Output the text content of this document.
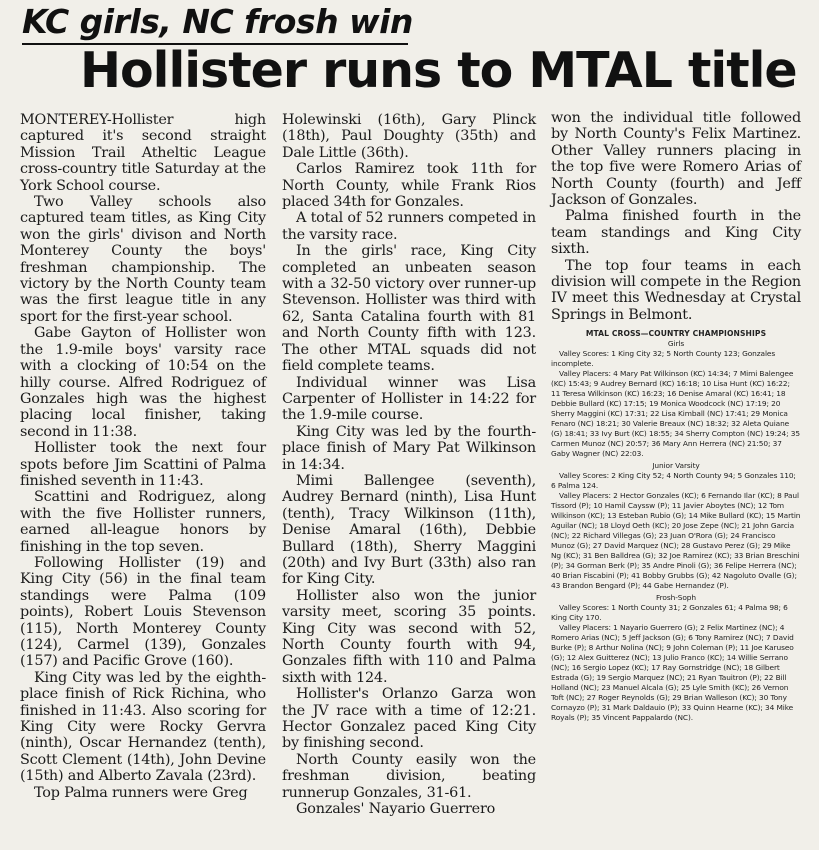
KC girls, NC frosh win
Hollister runs to MTAL title

MONTEREY-Hollister high captured it's second straight Mission Trail Atheltic League cross-country title Saturday at the York School course.

Two Valley schools also captured team titles, as King City won the girls' divison and North Monterey County the boys' freshman championship. The victory by the North County team was the first league title in any sport for the first-year school.

Gabe Gayton of Hollister won the 1.9-mile boys' varsity race with a clocking of 10:54 on the hilly course. Alfred Rodriguez of Gonzales high was the highest placing local finisher, taking second in 11:38.

Hollister took the next four spots before Jim Scattini of Palma finished seventh in 11:43.

Scattini and Rodriguez, along with the five Hollister runners, earned all-league honors by finishing in the top seven.

Following Hollister (19) and King City (56) in the final team standings were Palma (109 points), Robert Louis Stevenson (115), North Monterey County (124), Carmel (139), Gonzales (157) and Pacific Grove (160).

King City was led by the eighth-place finish of Rick Richina, who finished in 11:43. Also scoring for King City were Rocky Gervra (ninth), Oscar Hernandez (tenth), Scott Clement (14th), John Devine (15th) and Alberto Zavala (23rd).

Top Palma runners were Greg

Holewinski (16th), Gary Plinck (18th), Paul Doughty (35th) and Dale Little (36th).

Carlos Ramirez took 11th for North County, while Frank Rios placed 34th for Gonzales.

A total of 52 runners competed in the varsity race.

In the girls' race, King City completed an unbeaten season with a 32-50 victory over runner-up Stevenson. Hollister was third with 62, Santa Catalina fourth with 81 and North County fifth with 123. The other MTAL squads did not field complete teams.

Individual winner was Lisa Carpenter of Hollister in 14:22 for the 1.9-mile course.

King City was led by the fourth-place finish of Mary Pat Wilkinson in 14:34.

Mimi Ballengee (seventh), Audrey Bernard (ninth), Lisa Hunt (tenth), Tracy Wilkinson (11th), Denise Amaral (16th), Debbie Bullard (18th), Sherry Maggini (20th) and Ivy Burt (33th) also ran for King City.

Hollister also won the junior varsity meet, scoring 35 points. King City was second with 52, North County fourth with 94, Gonzales fifth with 110 and Palma sixth with 124.

Hollister's Orlanzo Garza won the JV race with a time of 12:21. Hector Gonzalez paced King City by finishing second.

North County easily won the freshman division, beating runnerup Gonzales, 31-61.

Gonzales' Nayario Guerrero

won the individual title followed by North County's Felix Martinez. Other Valley runners placing in the top five were Romero Arias of North County (fourth) and Jeff Jackson of Gonzales.

Palma finished fourth in the team standings and King City sixth.

The top four teams in each division will compete in the Region IV meet this Wednesday at Crystal Springs in Belmont.

MTAL CROSS—COUNTRY CHAMPIONSHIPS
Girls
Valley Scores: 1 King City 32; 5 North County 123; Gonzales incomplete.
Valley Placers: 4 Mary Pat Wilkinson (KC) 14:34; 7 Mimi Balengee (KC) 15:43; 9 Audrey Bernard (KC) 16:18; 10 Lisa Hunt (KC) 16:22; 11 Teresa Wilkinson (KC) 16:23; 16 Denise Amaral (KC) 16:41; 18 Debbie Bullard (KC) 17:15; 19 Monica Woodcock (NC) 17:19; 20 Sherry Maggini (KC) 17:31; 22 Lisa Kimball (NC) 17:41; 29 Monica Fenaro (NC) 18:21; 30 Valerie Breaux (NC) 18:32; 32 Aleta Quiane (G) 18:41; 33 Ivy Burt (KC) 18:55; 34 Sherry Compton (NC) 19:24; 35 Carmen Munoz (NC) 20:57; 36 Mary Ann Herrera (NC) 21:50; 37 Gaby Wagner (NC) 22:03.
Junior Varsity
Valley Scores: 2 King City 52; 4 North County 94; 5 Gonzales 110; 6 Palma 124.
Valley Placers: 2 Hector Gonzales (KC); 6 Fernando Ilar (KC); 8 Paul Tissord (P); 10 Hamil Cayssw (P); 11 Javier Aboytes (NC); 12 Tom Wilkinson (KC); 13 Esteban Rubio (G); 14 Mike Bullard (KC); 15 Martin Aguilar (NC); 18 Lloyd Oeth (KC); 20 Jose Zepe (NC); 21 John Garcia (NC); 22 Richard Villegas (G); 23 Juan O'Rora (G); 24 Francisco Munoz (G); 27 David Marquez (NC); 28 Gustavo Perez (G); 29 Mike Ng (KC); 31 Ben Balldrea (G); 32 Joe Ramirez (KC); 33 Brian Breschini (P); 34 Gorman Berk (P); 35 Andre Pinoli (G); 36 Felipe Herrera (NC); 40 Brian Fiscabini (P); 41 Bobby Grubbs (G); 42 Nagoluto Ovalle (G); 43 Brandon Bengard (P); 44 Gabe Hernandez (P).
Frosh-Soph
Valley Scores: 1 North County 31; 2 Gonzales 61; 4 Palma 98; 6 King City 170.
Valley Placers: 1 Nayario Guerrero (G); 2 Felix Martinez (NC); 4 Romero Arias (NC); 5 Jeff Jackson (G); 6 Tony Ramirez (NC); 7 David Burke (P); 8 Arthur Nolina (NC); 9 John Coleman (P); 11 Joe Karuseo (G); 12 Alex Guitterez (NC); 13 Julio Franco (KC); 14 Willie Serrano (NC); 16 Sergio Lopez (KC); 17 Ray Gornstridge (NC); 18 Gilbert Estrada (G); 19 Sergio Marquez (NC); 21 Ryan Tauitron (P); 22 Bill Holland (NC); 23 Manuel Alcala (G); 25 Lyle Smith (KC); 26 Vernon Toft (NC); 27 Roger Reynolds (G); 29 Brian Walleson (KC); 30 Tony Cornayzo (P); 31 Mark Daldauio (P); 33 Quinn Hearne (KC); 34 Mike Royals (P); 35 Vincent Pappalardo (NC).
